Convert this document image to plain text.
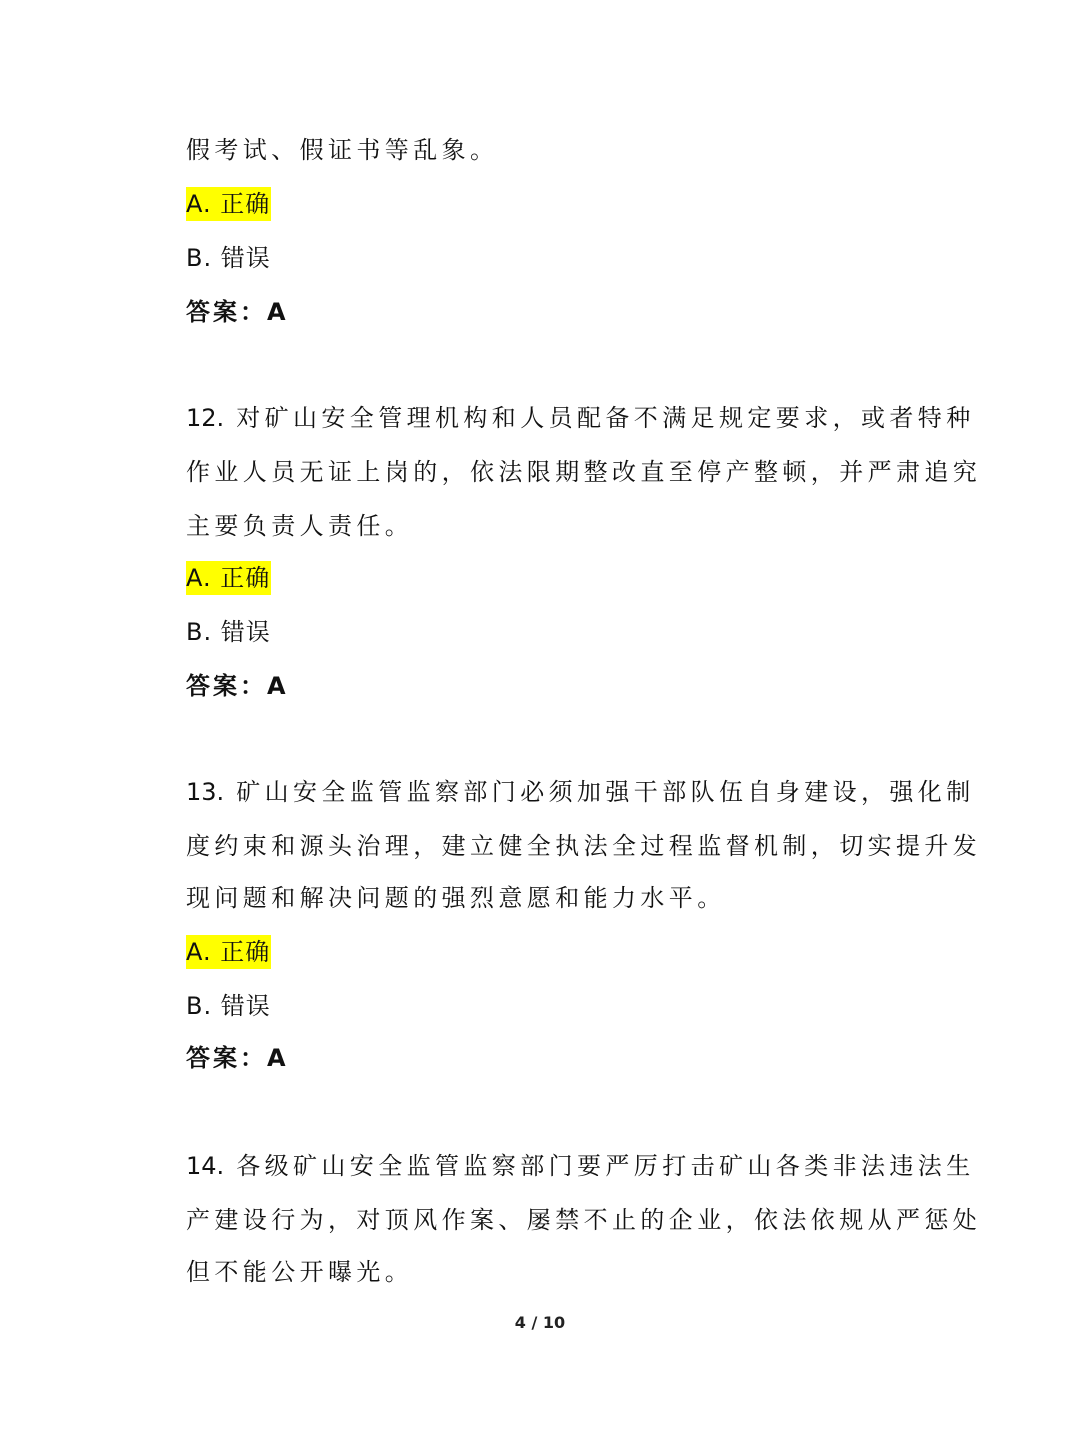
假考试、假证书等乱象。
A. 正确
B. 错误
答案：A
12. 对矿山安全管理机构和人员配备不满足规定要求，或者特种
作业人员无证上岗的，依法限期整改直至停产整顿，并严肃追究
主要负责人责任。
A. 正确
B. 错误
答案：A
13. 矿山安全监管监察部门必须加强干部队伍自身建设，强化制
度约束和源头治理，建立健全执法全过程监督机制，切实提升发
现问题和解决问题的强烈意愿和能力水平。
A. 正确
B. 错误
答案：A
14. 各级矿山安全监管监察部门要严厉打击矿山各类非法违法生
产建设行为，对顶风作案、屡禁不止的企业，依法依规从严惩处
但不能公开曝光。
4 / 10
